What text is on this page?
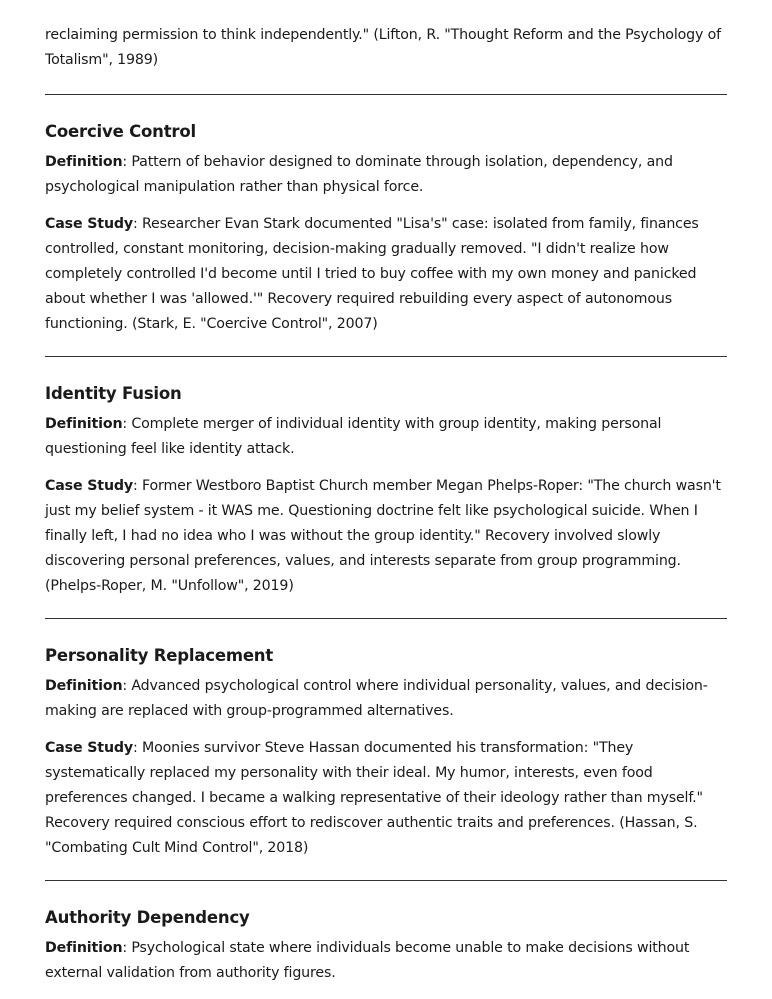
reclaiming permission to think independently." (Lifton, R. "Thought Reform and the Psychology of Totalism", 1989)

Coercive Control

Definition: Pattern of behavior designed to dominate through isolation, dependency, and psychological manipulation rather than physical force.

Case Study: Researcher Evan Stark documented "Lisa's" case: isolated from family, finances controlled, constant monitoring, decision-making gradually removed. "I didn't realize how completely controlled I'd become until I tried to buy coffee with my own money and panicked about whether I was 'allowed.'" Recovery required rebuilding every aspect of autonomous functioning. (Stark, E. "Coercive Control", 2007)

Identity Fusion

Definition: Complete merger of individual identity with group identity, making personal questioning feel like identity attack.

Case Study: Former Westboro Baptist Church member Megan Phelps-Roper: "The church wasn't just my belief system - it WAS me. Questioning doctrine felt like psychological suicide. When I finally left, I had no idea who I was without the group identity." Recovery involved slowly discovering personal preferences, values, and interests separate from group programming. (Phelps-Roper, M. "Unfollow", 2019)

Personality Replacement

Definition: Advanced psychological control where individual personality, values, and decision-making are replaced with group-programmed alternatives.

Case Study: Moonies survivor Steve Hassan documented his transformation: "They systematically replaced my personality with their ideal. My humor, interests, even food preferences changed. I became a walking representative of their ideology rather than myself." Recovery required conscious effort to rediscover authentic traits and preferences. (Hassan, S. "Combating Cult Mind Control", 2018)

Authority Dependency

Definition: Psychological state where individuals become unable to make decisions without external validation from authority figures.
